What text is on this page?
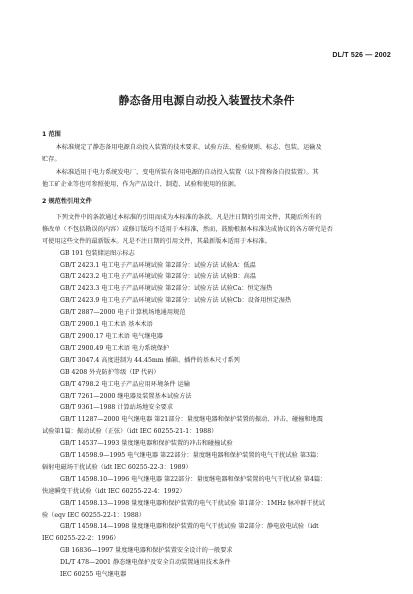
DL/T 526 — 2002
静态备用电源自动投入装置技术条件
1 范围
本标准规定了静态备用电源自动投入装置的技术要求、试验方法、检验规则、标志、包装、运输及
贮存。
本标准适用于电力系统发电厂、变电所装有备用电源的自动投入装置（以下简称备自投装置）。其
他工矿企业等也可参照使用，作为产品设计、制造、试验和使用的依据。
2 规范性引用文件
下列文件中的条款通过本标准的引用而成为本标准的条款。凡是注日期的引用文件，其随后所有的
修改单（不包括勘误的内容）或修订版均不适用于本标准，然而，鼓励根据本标准达成协议的各方研究是否
可使用这些文件的最新版本。凡是不注日期的引用文件，其最新版本适用于本标准。
GB 191 包装储运图示标志
GB/T 2423.1 电工电子产品环境试验 第2部分：试验方法 试验A：低温
GB/T 2423.2 电工电子产品环境试验 第2部分：试验方法 试验B：高温
GB/T 2423.3 电工电子产品环境试验 第2部分：试验方法 试验Ca：恒定湿热
GB/T 2423.9 电工电子产品环境试验 第2部分：试验方法 试验Cb：设备用恒定湿热
GB/T 2887—2000 电子计算机场地通用规范
GB/T 2900.1 电工术语 基本术语
GB/T 2900.17 电工术语 电气继电器
GB/T 2900.49 电工术语 电力系统保护
GB/T 3047.4 高度进制为 44.45mm 插箱、插件的基本尺寸系列
GB 4208 外壳防护等级（IP 代码）
GB/T 4798.2 电工电子产品应用环境条件 运输
GB/T 7261—2000 继电器及装置基本试验方法
GB/T 9361—1988 计算站场地安全要求
GB/T 11287—2000 电气继电器 第21部分：量度继电器和保护装置的振动、冲击、碰撞和地震
试验第1篇：振动试验（正弦）（idt IEC 60255-21-1：1988）
GB/T 14537—1993 量度继电器和保护装置的冲击和碰撞试验
GB/T 14598.9—1995 电气继电器 第22部分：量度继电器和保护装置的电气干扰试验 第3篇：
辐射电磁场干扰试验（idt IEC 60255-22-3：1989）
GB/T 14598.10—1996 电气继电器 第22部分：量度继电器和保护装置的电气干扰试验 第4篇：
快速瞬变干扰试验（idt IEC 60255-22-4：1992）
GB/T 14598.13—1998 量度继电器和保护装置的电气干扰试验 第1部分：1MHz 脉冲群干扰试
验（eqv IEC 60255-22-1：1988）
GB/T 14598.14—1998 量度继电器和保护装置的电气干扰试验 第2部分：静电放电试验（idt
IEC 60255-22-2：1996）
GB 16836—1997 量度继电器和保护装置安全设计的一般要求
DL/T 478—2001 静态继电保护及安全自动装置通用技术条件
IEC 60255 电气继电器
